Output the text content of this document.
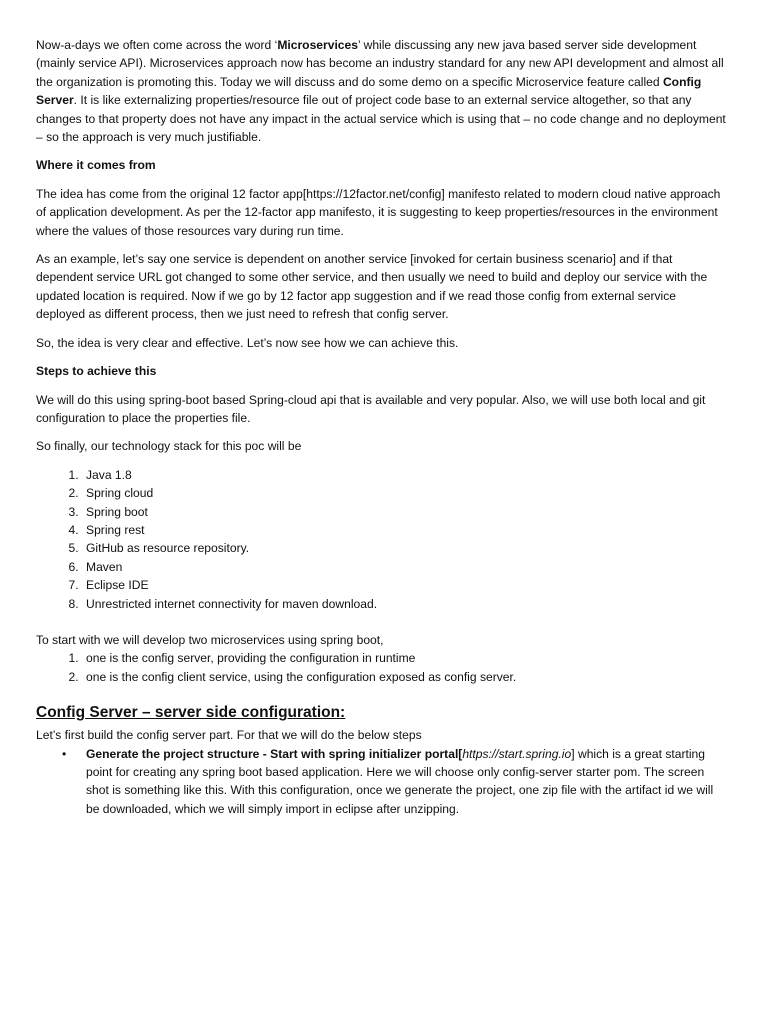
Now-a-days we often come across the word ‘Microservices’ while discussing any new java based server side development (mainly service API). Microservices approach now has become an industry standard for any new API development and almost all the organization is promoting this. Today we will discuss and do some demo on a specific Microservice feature called Config Server. It is like externalizing properties/resource file out of project code base to an external service altogether, so that any changes to that property does not have any impact in the actual service which is using that – no code change and no deployment – so the approach is very much justifiable.

Where it comes from

The idea has come from the original 12 factor app[https://12factor.net/config] manifesto related to modern cloud native approach of application development. As per the 12-factor app manifesto, it is suggesting to keep properties/resources in the environment where the values of those resources vary during run time.

As an example, let’s say one service is dependent on another service [invoked for certain business scenario] and if that dependent service URL got changed to some other service, and then usually we need to build and deploy our service with the updated location is required. Now if we go by 12 factor app suggestion and if we read those config from external service deployed as different process, then we just need to refresh that config server.

So, the idea is very clear and effective. Let’s now see how we can achieve this.

Steps to achieve this

We will do this using spring-boot based Spring-cloud api that is available and very popular. Also, we will use both local and git configuration to place the properties file.

So finally, our technology stack for this poc will be

1. Java 1.8
2. Spring cloud
3. Spring boot
4. Spring rest
5. GitHub as resource repository.
6. Maven
7. Eclipse IDE
8. Unrestricted internet connectivity for maven download.

To start with we will develop two microservices using spring boot,

1. one is the config server, providing the configuration in runtime
2. one is the config client service, using the configuration exposed as config server.
Config Server – server side configuration:

Let’s first build the config server part. For that we will do the below steps

• Generate the project structure - Start with spring initializer portal[https://start.spring.io] which is a great starting point for creating any spring boot based application. Here we will choose only config-server starter pom. The screen shot is something like this. With this configuration, once we generate the project, one zip file with the artifact id we will be downloaded, which we will simply import in eclipse after unzipping.
